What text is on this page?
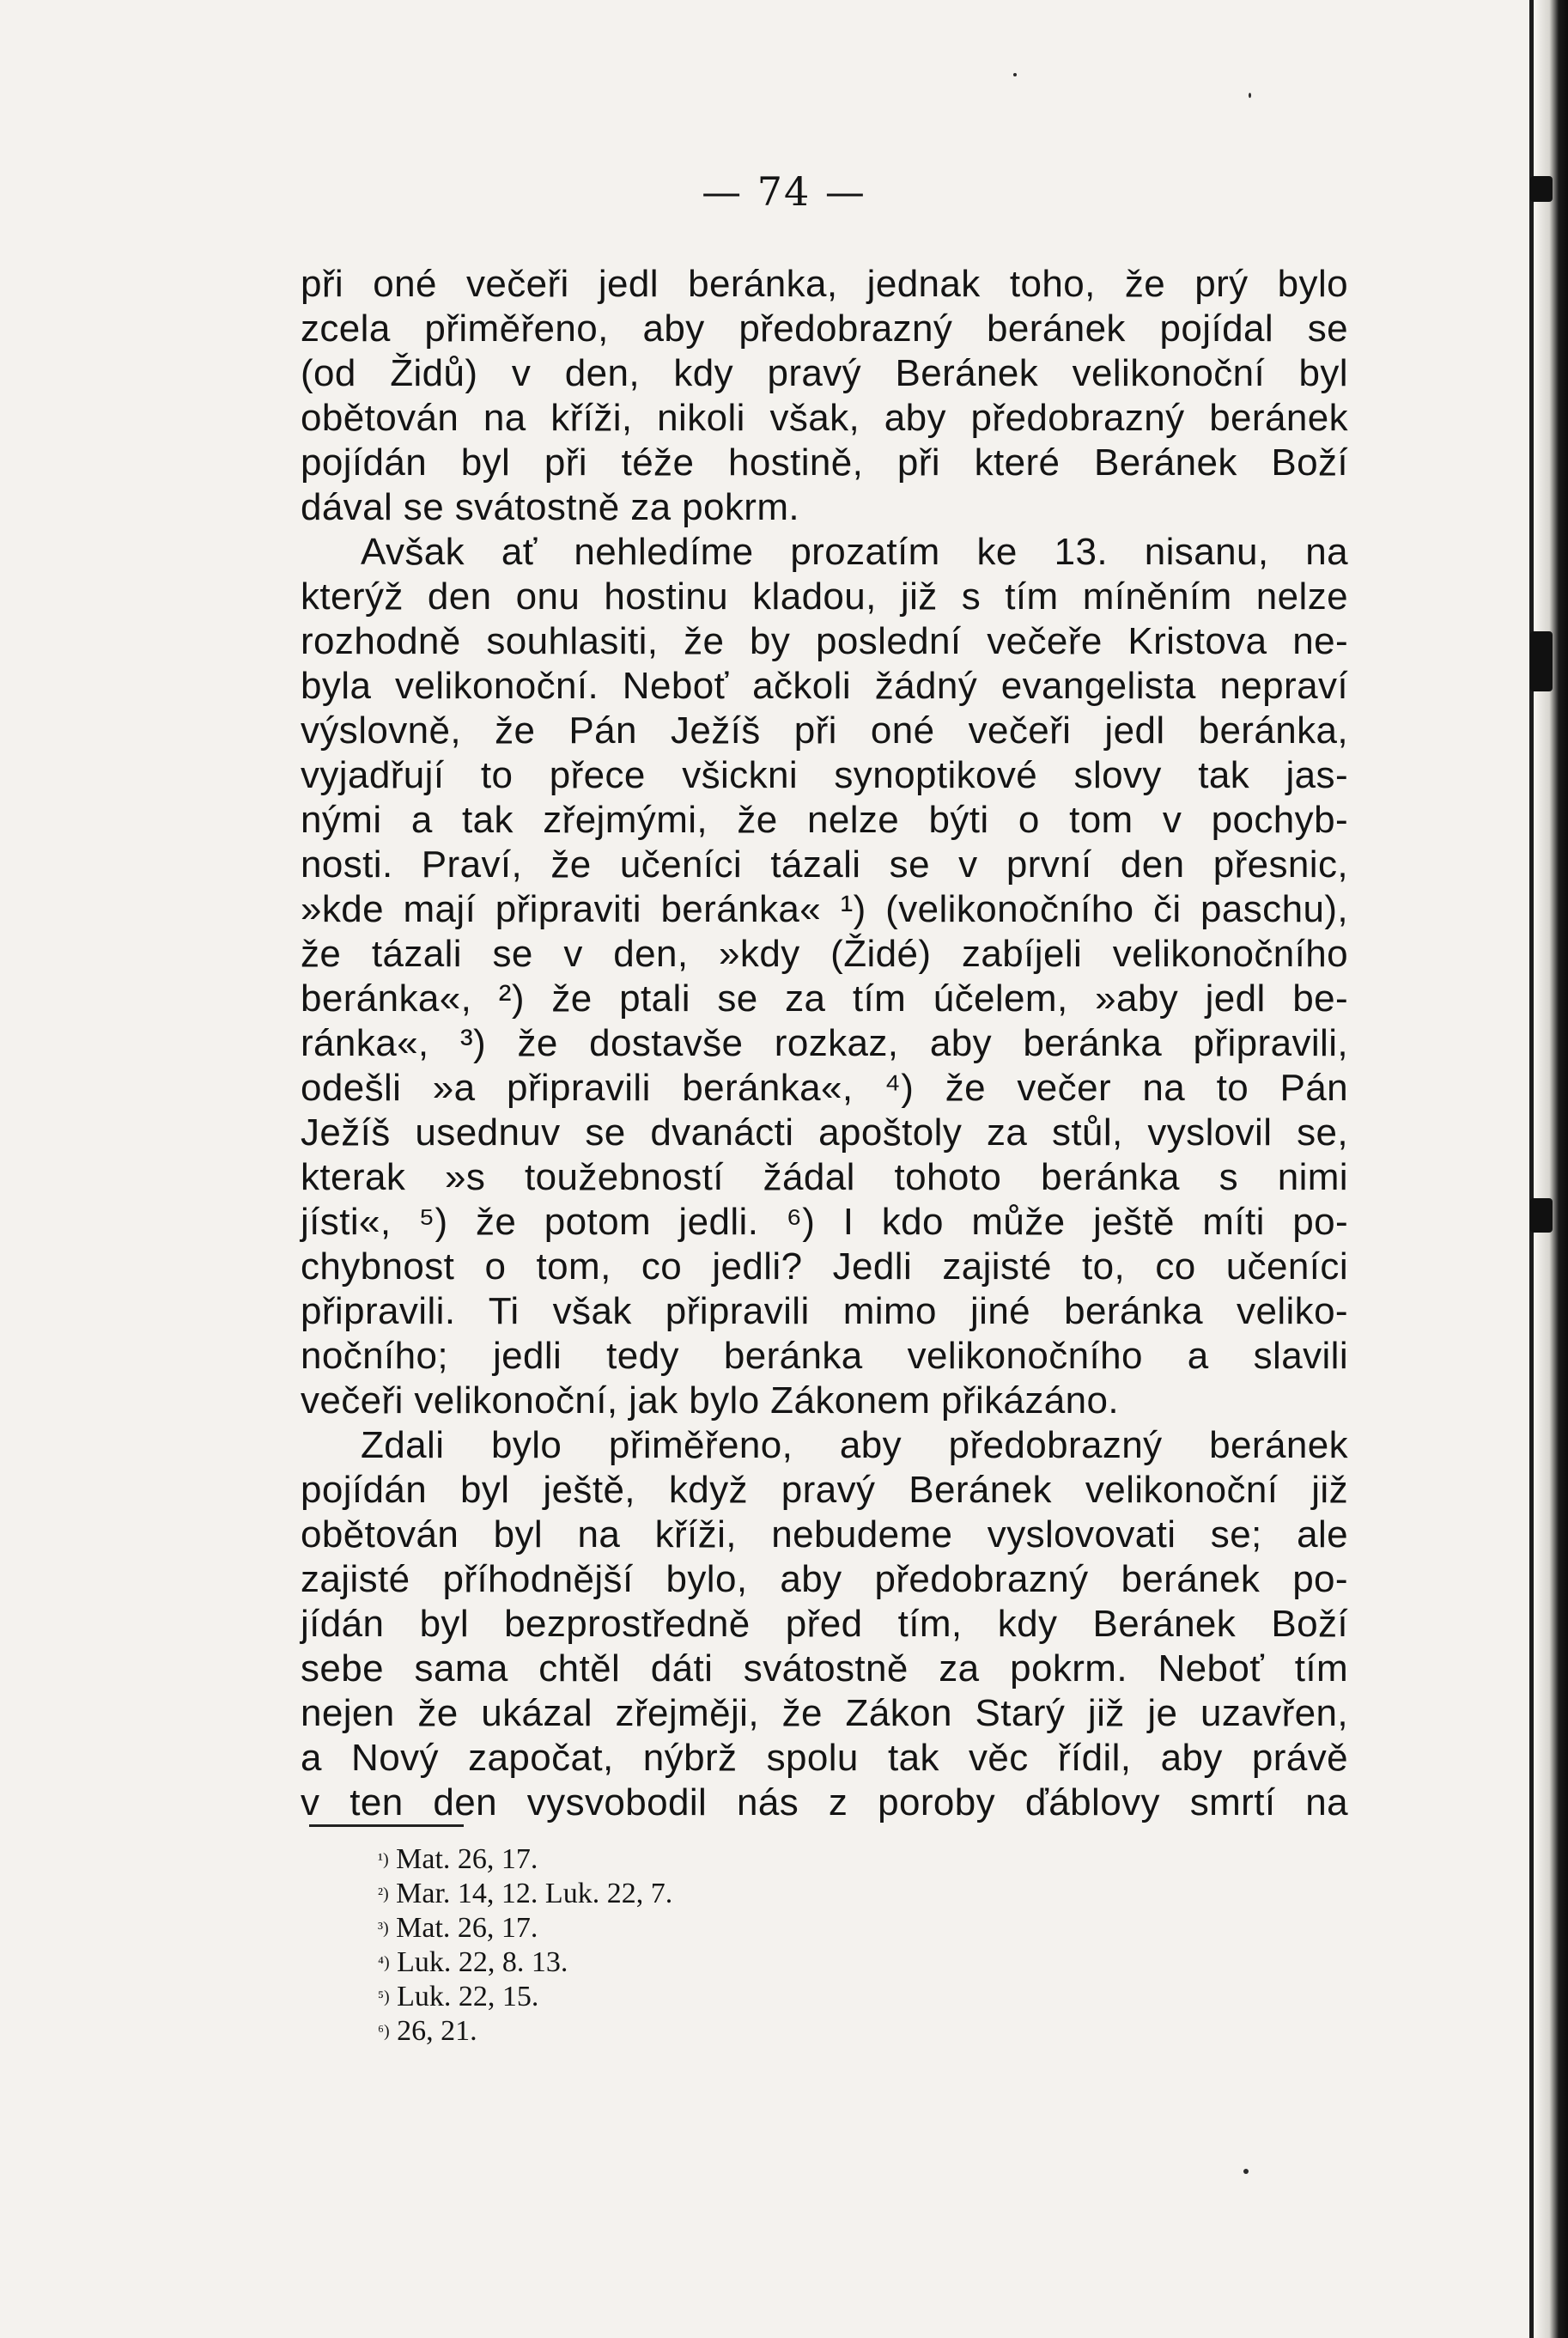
— 74 —
při oné večeři jedl beránka, jednak toho, že prý bylo
zcela přiměřeno, aby předobrazný beránek pojídal se
(od Židů) v den, kdy pravý Beránek velikonoční byl
obětován na kříži, nikoli však, aby předobrazný beránek
pojídán byl při téže hostině, při které Beránek Boží
dával se svátostně za pokrm.
Avšak ať nehledíme prozatím ke 13. nisanu, na
kterýž den onu hostinu kladou, již s tím míněním nelze
rozhodně souhlasiti, že by poslední večeře Kristova ne-
byla velikonoční. Neboť ačkoli žádný evangelista nepraví
výslovně, že Pán Ježíš při oné večeři jedl beránka,
vyjadřují to přece všickni synoptikové slovy tak jas-
nými a tak zřejmými, že nelze býti o tom v pochyb-
nosti. Praví, že učeníci tázali se v první den přesnic,
»kde mají připraviti beránka« ¹) (velikonočního či paschu),
že tázali se v den, »kdy (Židé) zabíjeli velikonočního
beránka«, ²) že ptali se za tím účelem, »aby jedl be-
ránka«, ³) že dostavše rozkaz, aby beránka připravili,
odešli »a připravili beránka«, ⁴) že večer na to Pán
Ježíš usednuv se dvanácti apoštoly za stůl, vyslovil se,
kterak »s toužebností žádal tohoto beránka s nimi
jísti«, ⁵) že potom jedli. ⁶) I kdo může ještě míti po-
chybnost o tom, co jedli? Jedli zajisté to, co učeníci
připravili. Ti však připravili mimo jiné beránka veliko-
nočního; jedli tedy beránka velikonočního a slavili
večeři velikonoční, jak bylo Zákonem přikázáno.
Zdali bylo přiměřeno, aby předobrazný beránek
pojídán byl ještě, když pravý Beránek velikonoční již
obětován byl na kříži, nebudeme vyslovovati se; ale
zajisté příhodnější bylo, aby předobrazný beránek po-
jídán byl bezprostředně před tím, kdy Beránek Boží
sebe sama chtěl dáti svátostně za pokrm. Neboť tím
nejen že ukázal zřejměji, že Zákon Starý již je uzavřen,
a Nový započat, nýbrž spolu tak věc řídil, aby právě
v ten den vysvobodil nás z poroby ďáblovy smrtí na
$^{^1)}$ Mat. 26, 17.
$^{^2)}$ Mar. 14, 12. Luk. 22, 7.
$^{^3)}$ Mat. 26, 17.
$^{^4)}$ Luk. 22, 8. 13.
$^{^5)}$ Luk. 22, 15.
$^{^6)}$ 26, 21.
